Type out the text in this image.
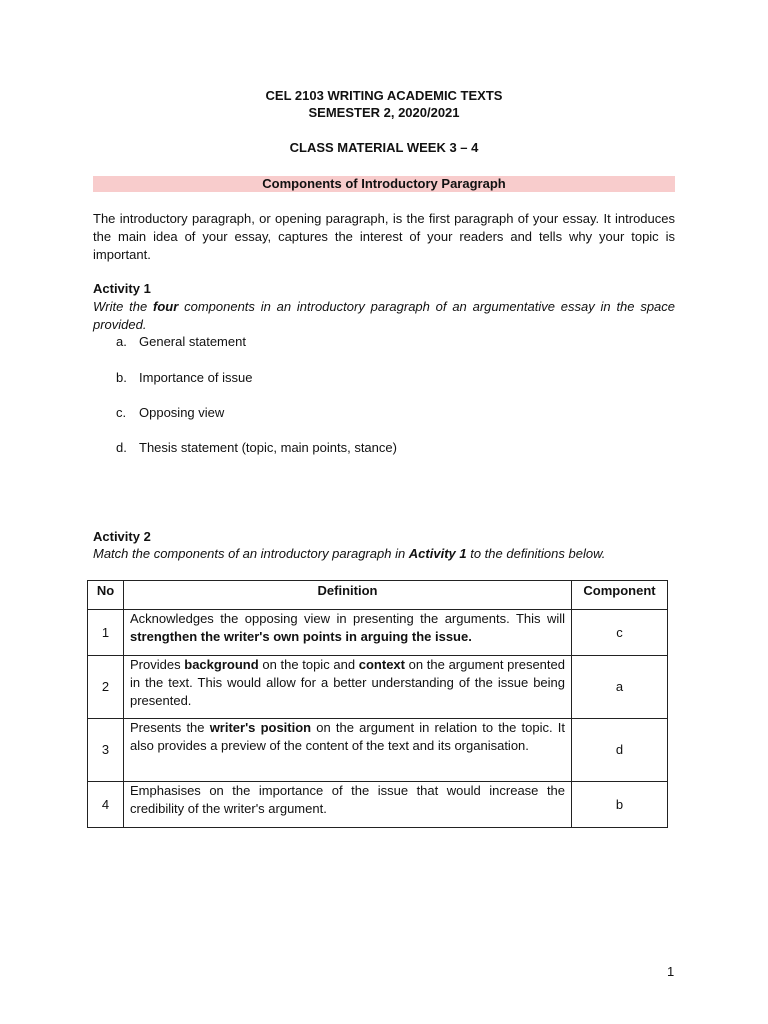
CEL 2103 WRITING ACADEMIC TEXTS
SEMESTER 2, 2020/2021
CLASS MATERIAL WEEK 3 – 4
Components of Introductory Paragraph
The introductory paragraph, or opening paragraph, is the first paragraph of your essay. It introduces the main idea of your essay, captures the interest of your readers and tells why your topic is important.
Activity 1
Write the four components in an introductory paragraph of an argumentative essay in the space provided.
a. General statement
b. Importance of issue
c. Opposing view
d. Thesis statement (topic, main points, stance)
Activity 2
Match the components of an introductory paragraph in Activity 1 to the definitions below.
No	Definition	Component
1	Acknowledges the opposing view in presenting the arguments. This will strengthen the writer's own points in arguing the issue.	c
2	Provides background on the topic and context on the argument presented in the text. This would allow for a better understanding of the issue being presented.	a
3	Presents the writer's position on the argument in relation to the topic. It also provides a preview of the content of the text and its organisation.	d
4	Emphasises on the importance of the issue that would increase the credibility of the writer's argument.	b
1
